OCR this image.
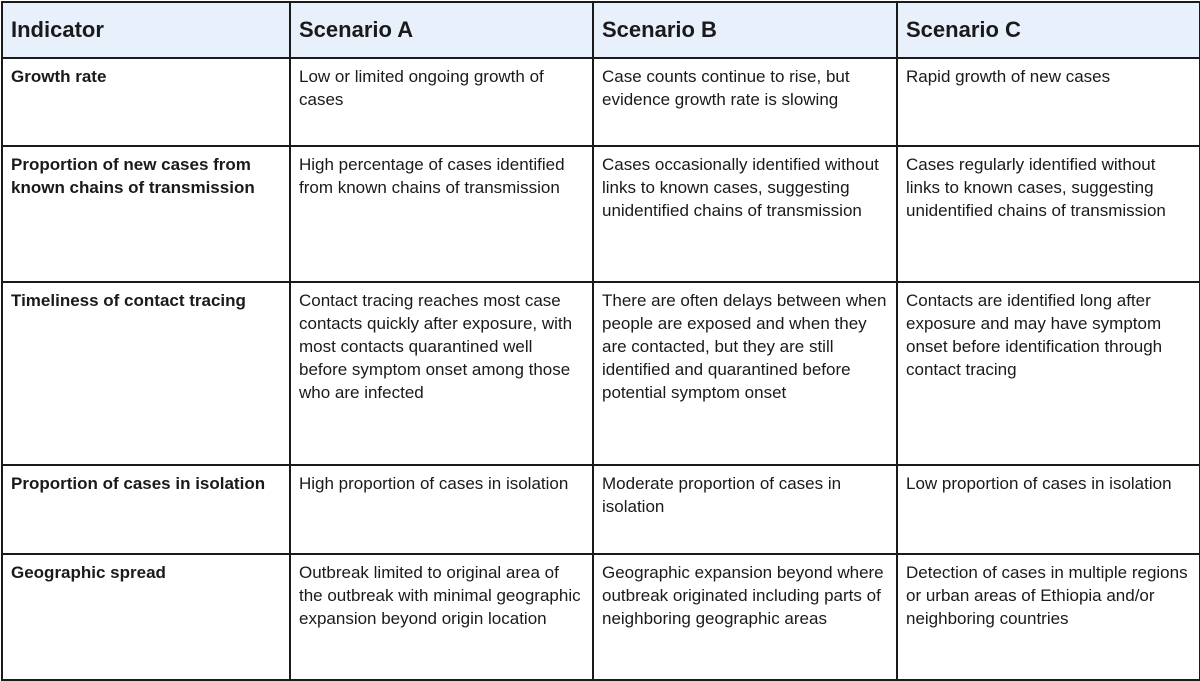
Indicator	Scenario A	Scenario B	Scenario C
Growth rate	Low or limited ongoing growth of cases	Case counts continue to rise, but evidence growth rate is slowing	Rapid growth of new cases
Proportion of new cases from known chains of transmission	High percentage of cases identified from known chains of transmission	Cases occasionally identified without links to known cases, suggesting unidentified chains of transmission	Cases regularly identified without links to known cases, suggesting unidentified chains of transmission
Timeliness of contact tracing	Contact tracing reaches most case contacts quickly after exposure, with most contacts quarantined well before symptom onset among those who are infected	There are often delays between when people are exposed and when they are contacted, but they are still identified and quarantined before potential symptom onset	Contacts are identified long after exposure and may have symptom onset before identification through contact tracing
Proportion of cases in isolation	High proportion of cases in isolation	Moderate proportion of cases in isolation	Low proportion of cases in isolation
Geographic spread	Outbreak limited to original area of the outbreak with minimal geographic expansion beyond origin location	Geographic expansion beyond where outbreak originated including parts of neighboring geographic areas	Detection of cases in multiple regions or urban areas of Ethiopia and/or neighboring countries
